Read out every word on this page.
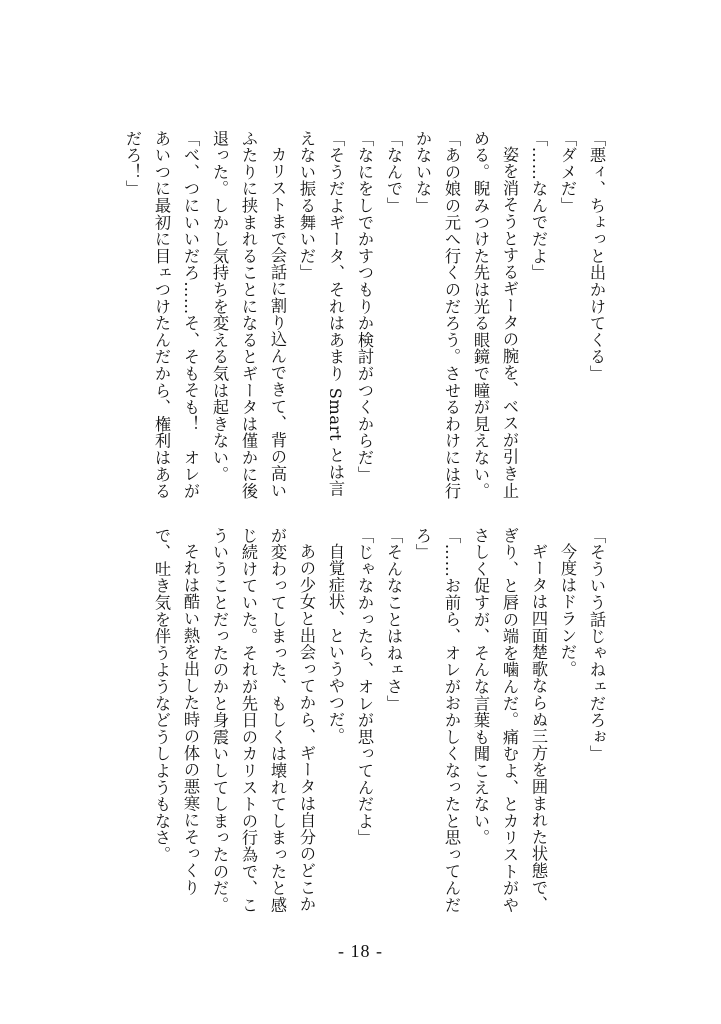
「悪ィ、ちょっと出かけてくる」

「ダメだ」

「……なんでだよ」

姿を消そうとするギータの腕を、ベスが引き止める。睨みつけた先は光る眼鏡で瞳が見えない。

「あの娘の元へ行くのだろう。させるわけには行かないな」

「なんで」

「なにをしでかすつもりか検討がつくからだ」

「そうだよギータ、それはあまり Smart とは言えない振る舞いだ」

カリストまで会話に割り込んできて、背の高いふたりに挟まれることになるとギータは僅かに後退った。しかし気持ちを変える気は起きない。

「べ、つにいいだろ……そ、そもそも！　オレがあいつに最初に目ェつけたんだから、権利はあるだろ！」

「そういう話じゃねェだろぉ」

今度はドランだ。

ギータは四面楚歌ならぬ三方を囲まれた状態で、ぎり、と唇の端を噛んだ。痛むよ、とカリストがやさしく促すが、そんな言葉も聞こえない。

「……お前ら、オレがおかしくなったと思ってんだろ」

「そんなことはねェさ」

「じゃなかったら、オレが思ってんだよ」

自覚症状、というやつだ。

あの少女と出会ってから、ギータは自分のどこかが変わってしまった、もしくは壊れてしまったと感じ続けていた。それが先日のカリストの行為で、こういうことだったのかと身震いしてしまったのだ。

それは酷い熱を出した時の体の悪寒にそっくりで、吐き気を伴うようなどうしようもなさ。

- 18 -
